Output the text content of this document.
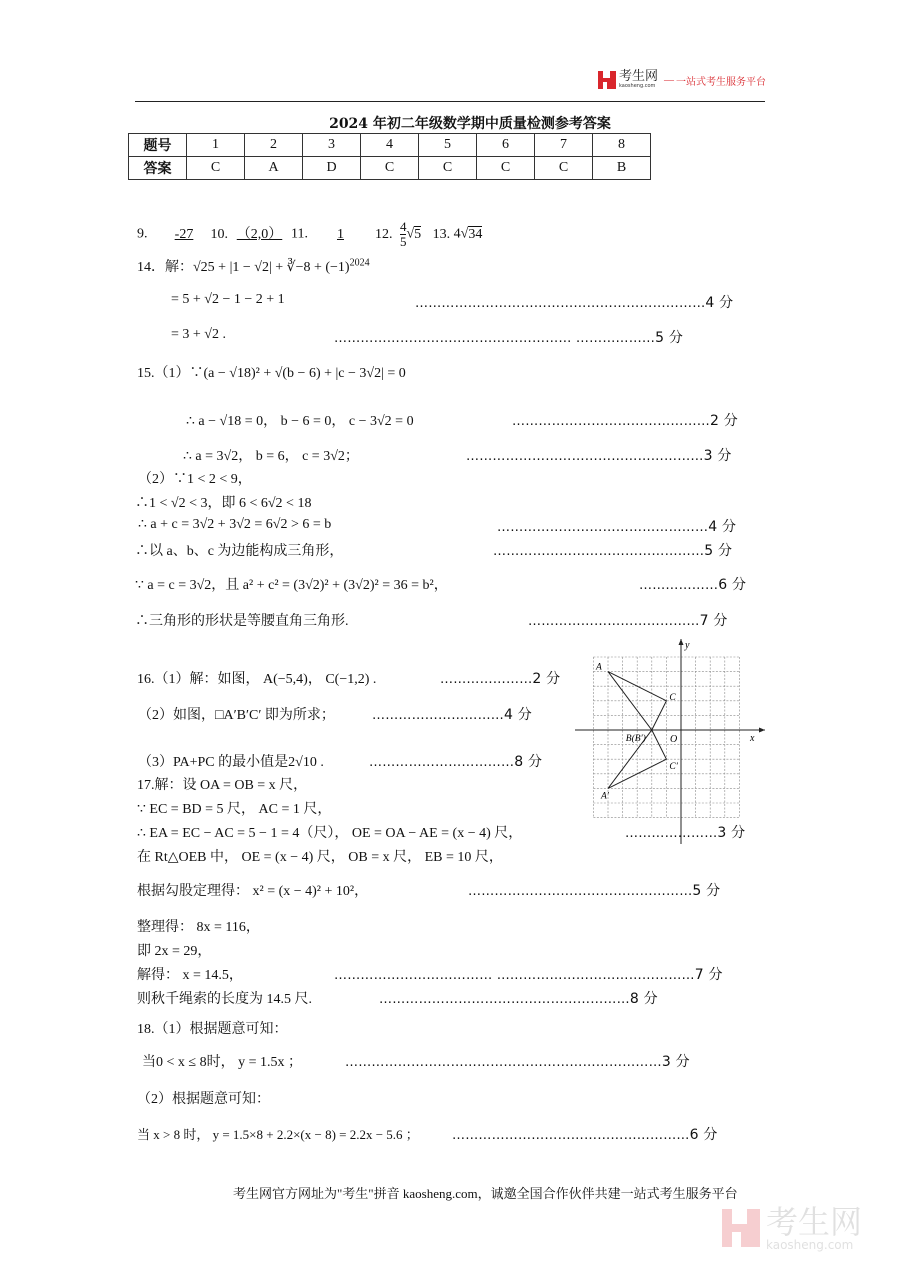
考生网
kaosheng.com
— 一站式考生服务平台
2024 年初二年级数学期中质量检测参考答案
题号	1	2	3	4	5	6	7	8
答案	C	A	D	C	C	C	C	B
9. -27 10. （2,0） 11. 1 12. $\frac{4}{5} √5$ 13. 4√34
14．解：√25 + |1 − √2| + ∛−8 + $(-1)^{2024}$
= 5 + √2 − 1 − 2 + 1	…………………………………………………………4 分
= 3 + √2 .	……………………………………………… ………………5 分
15.（1）∵(a − √18)² + √(b − 6) + |c − 3√2| = 0
∴ a − √18 = 0， b − 6 = 0， c − 3√2 = 0	………………………………………2 分
∴ a = 3√2， b = 6， c = 3√2；	………………………………………………3 分
（2）∵1 < 2 < 9，
∴1 < √2 < 3，即 6 < 6√2 < 18
∴ a + c = 3√2 + 3√2 = 6√2 > 6 = b	…………………………………………4 分
∴以 a、b、c 为边能构成三角形，	…………………………………………5 分
∵ a = c = 3√2，且 a² + c² = (3√2)² + (3√2)² = 36 = b²，	………………6 分
∴三角形的形状是等腰直角三角形.	…………………………………7 分
16.（1）解：如图， A(−5,4)， C(−1,2) .	…………………2 分
（2）如图，□A′B′C′ 即为所求；	…………………………4 分
（3）PA+PC 的最小值是2√10 .	……………………………8 分
x
y
O
A
C
B(B′)
C′
A′
17.解：设 OA = OB = x 尺，
∵ EC = BD = 5 尺， AC = 1 尺，
∴ EA = EC − AC = 5 − 1 = 4（尺）， OE = OA − AE = (x − 4) 尺，	…………………3 分
在 Rt△OEB 中， OE = (x − 4) 尺， OB = x 尺， EB = 10 尺，
根据勾股定理得： x² = (x − 4)² + 10²，	……………………………………………5 分
整理得： 8x = 116，
即 2x = 29，
解得： x = 14.5，	……………………………… ………………………………………7 分
则秋千绳索的长度为 14.5 尺.	…………………………………………………8 分
18.（1）根据题意可知：
当0 < x ≤ 8时， y = 1.5x ；	………………………………………………………………3 分
（2）根据题意可知：
当 x > 8 时， y = 1.5×8 + 2.2×(x − 8) = 2.2x − 5.6 ；	………………………………………………6 分
考生网官方网址为"考生"拼音 kaosheng.com，诚邀全国合作伙伴共建一站式考生服务平台
考生网
kaosheng.com
